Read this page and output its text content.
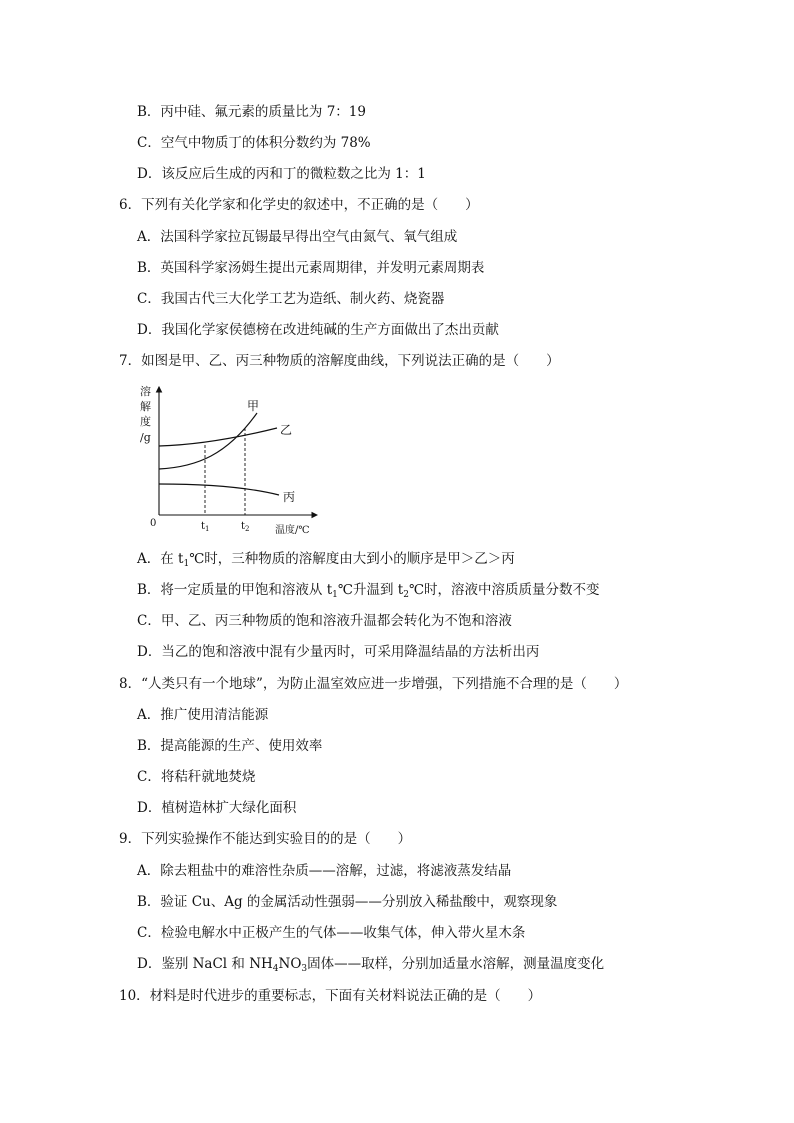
B．丙中硅、氟元素的质量比为 7：19
C．空气中物质丁的体积分数约为 78%
D．该反应后生成的丙和丁的微粒数之比为 1：1
6．下列有关化学家和化学史的叙述中，不正确的是（　　）
A．法国科学家拉瓦锡最早得出空气由氮气、氧气组成
B．英国科学家汤姆生提出元素周期律，并发明元素周期表
C．我国古代三大化学工艺为造纸、制火药、烧瓷器
D．我国化学家侯德榜在改进纯碱的生产方面做出了杰出贡献
7．如图是甲、乙、丙三种物质的溶解度曲线，下列说法正确的是（　　）
溶
解
度
/g
甲
乙
丙
0	$t_1$	$t_2$	温度/℃
A．在 $t_1℃$时，三种物质的溶解度由大到小的顺序是甲＞乙＞丙
B．将一定质量的甲饱和溶液从 $t_1℃$升温到 $t_2℃$时，溶液中溶质质量分数不变
C．甲、乙、丙三种物质的饱和溶液升温都会转化为不饱和溶液
D．当乙的饱和溶液中混有少量丙时，可采用降温结晶的方法析出丙
8．“人类只有一个地球”，为防止温室效应进一步增强，下列措施不合理的是（　　）
A．推广使用清洁能源
B．提高能源的生产、使用效率
C．将秸秆就地焚烧
D．植树造林扩大绿化面积
9．下列实验操作不能达到实验目的的是（　　）
A．除去粗盐中的难溶性杂质——溶解，过滤，将滤液蒸发结晶
B．验证 Cu、Ag 的金属活动性强弱——分别放入稀盐酸中，观察现象
C．检验电解水中正极产生的气体——收集气体，伸入带火星木条
D．鉴别 NaCl 和 $NH_4NO_3$固体——取样，分别加适量水溶解，测量温度变化
10．材料是时代进步的重要标志，下面有关材料说法正确的是（　　）
